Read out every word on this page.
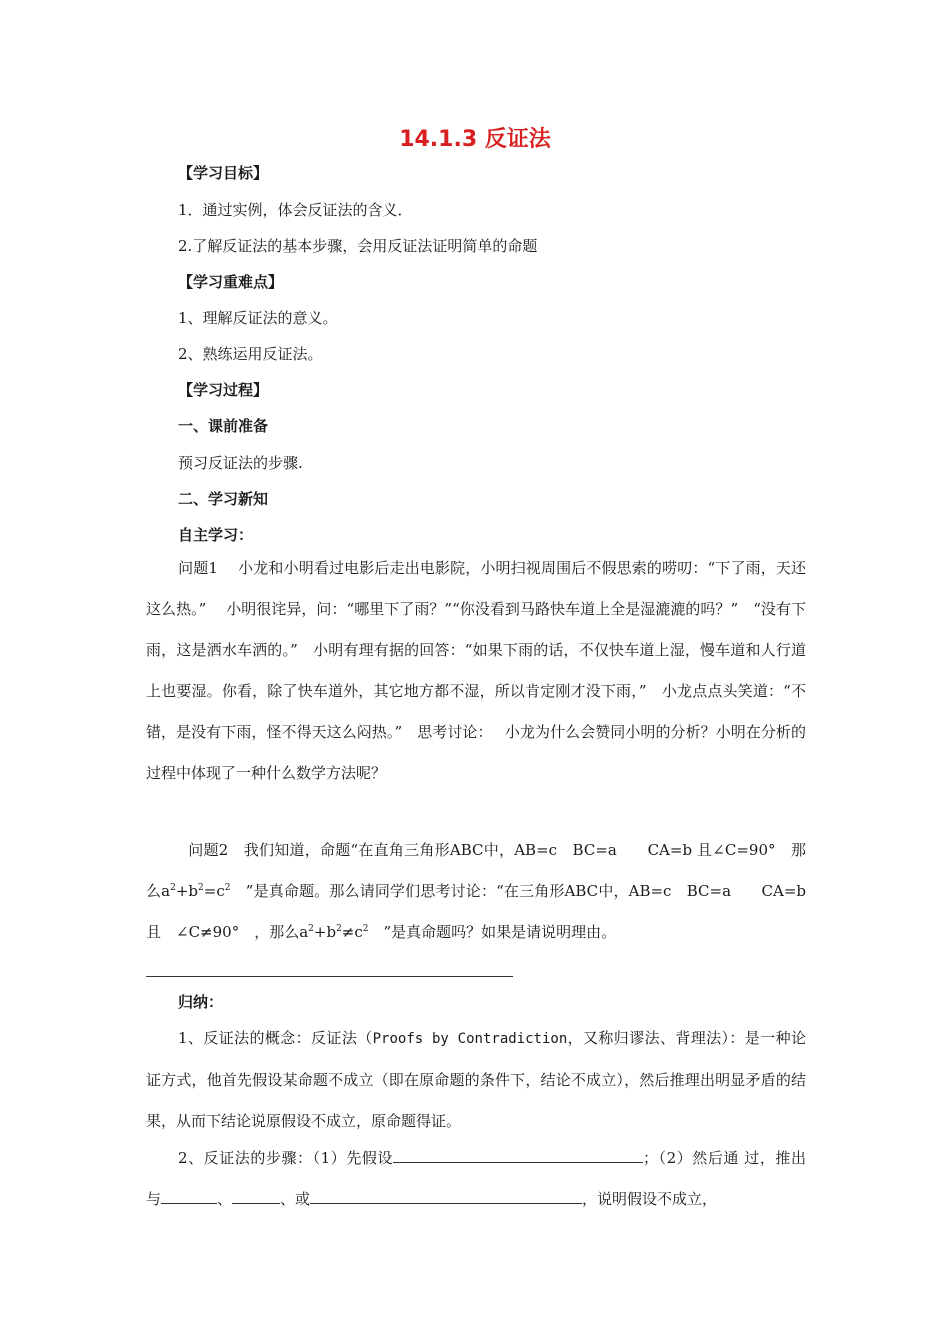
14.1.3 反证法
【学习目标】
1．通过实例，体会反证法的含义．
2.了解反证法的基本步骤，会用反证法证明简单的命题
【学习重难点】
1、理解反证法的意义。
2、熟练运用反证法。
【学习过程】
一、课前准备
预习反证法的步骤.
二、学习新知
自主学习：
问题1　 小龙和小明看过电影后走出电影院，小明扫视周围后不假思索的唠叨：“下了雨，天还这么热。”　 小明很诧异，问：“哪里下了雨？”“你没看到马路快车道上全是湿漉漉的吗？”　“没有下雨，这是洒水车洒的。”　小明有理有据的回答：“如果下雨的话，不仅快车道上湿，慢车道和人行道上也要湿。你看，除了快车道外，其它地方都不湿，所以肯定刚才没下雨，”　小龙点点头笑道：“不错，是没有下雨，怪不得天这么闷热。”　思考讨论：　 小龙为什么会赞同小明的分析？小明在分析的过程中体现了一种什么数学方法呢？
问题2　我们知道，命题“在直角三角形ABC中，AB=c　BC=a　　CA=b 且∠C=90°　那么$a^2+b^2=c^2$　”是真命题。那么请同学们思考讨论：“在三角形ABC中，AB=c　BC=a　　CA=b 且　∠C≠90°　，那么$a^2+b^2\ne c^2$　”是真命题吗？如果是请说明理由。
归纳：
1、反证法的概念：反证法（Proofs by Contradiction，又称归谬法、背理法）：是一种论证方式，他首先假设某命题不成立（即在原命题的条件下，结论不成立），然后推理出明显矛盾的结果，从而下结论说原假设不成立，原命题得证。
2、反证法的步骤：（1）先假设	；（2）然后通 过，推出与	、	、或	，说明假设不成立，
